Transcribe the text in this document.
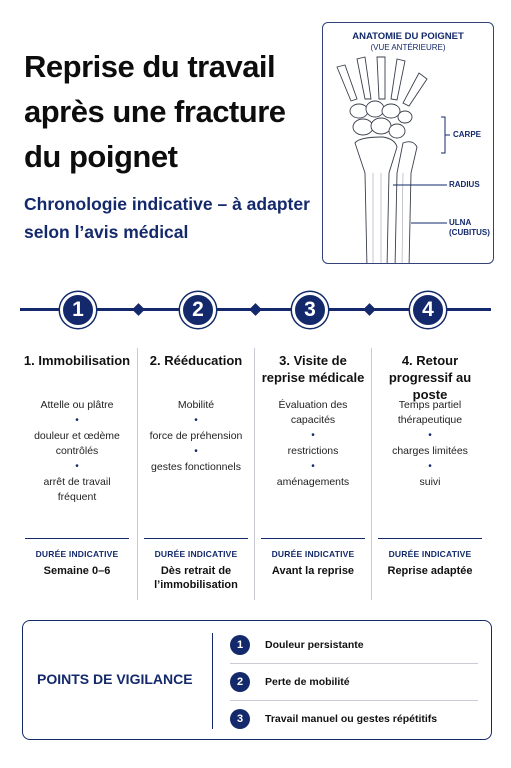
Reprise du travail après une fracture du poignet
Chronologie indicative – à adapter selon l’avis médical
ANATOMIE DU POIGNET
(VUE ANTÉRIEURE)
CARPE
RADIUS
ULNA
(CUBITUS)
1	2	3	4
1. Immobilisation
Attelle ou plâtre
•
douleur et œdème
contrôlés
•
arrêt de travail
fréquent
DURÉE INDICATIVE
Semaine 0–6
2. Rééducation
Mobilité
•
force de préhension
•
gestes fonctionnels
DURÉE INDICATIVE
Dès retrait de
l’immobilisation
3. Visite de
reprise médicale
Évaluation des
capacités
•
restrictions
•
aménagements
DURÉE INDICATIVE
Avant la reprise
4. Retour
progressif au poste
Temps partiel
thérapeutique
•
charges limitées
•
suivi
DURÉE INDICATIVE
Reprise adaptée
POINTS DE VIGILANCE
1	Douleur persistante
2	Perte de mobilité
3	Travail manuel ou gestes répétitifs
